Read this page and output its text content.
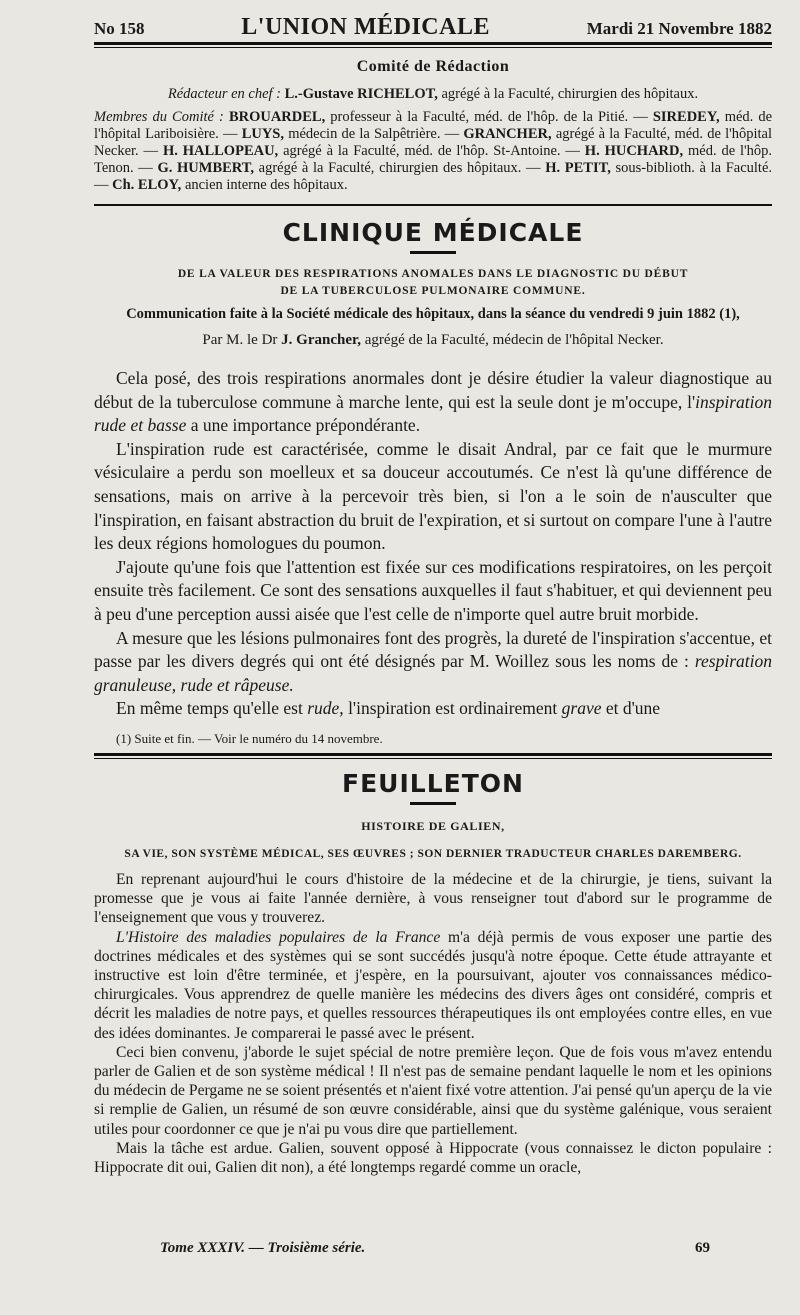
No 158	L'UNION MÉDICALE	Mardi 21 Novembre 1882
Comité de Rédaction
Rédacteur en chef : L.-Gustave RICHELOT, agrégé à la Faculté, chirurgien des hôpitaux.
Membres du Comité : BROUARDEL, professeur à la Faculté, méd. de l'hôp. de la Pitié. — SIREDEY, méd. de l'hôpital Lariboisière. — LUYS, médecin de la Salpêtrière. — GRANCHER, agrégé à la Faculté, méd. de l'hôpital Necker. — H. HALLOPEAU, agrégé à la Faculté, méd. de l'hôp. St-Antoine. — H. HUCHARD, méd. de l'hôp. Tenon. — G. HUMBERT, agrégé à la Faculté, chirurgien des hôpitaux. — H. PETIT, sous-biblioth. à la Faculté. — Ch. ELOY, ancien interne des hôpitaux.
CLINIQUE MÉDICALE
DE LA VALEUR DES RESPIRATIONS ANOMALES DANS LE DIAGNOSTIC DU DÉBUT
DE LA TUBERCULOSE PULMONAIRE COMMUNE.
Communication faite à la Société médicale des hôpitaux, dans la séance du vendredi 9 juin 1882 (1),
Par M. le Dr J. Grancher, agrégé de la Faculté, médecin de l'hôpital Necker.

Cela posé, des trois respirations anormales dont je désire étudier la valeur diagnostique au début de la tuberculose commune à marche lente, qui est la seule dont je m'occupe, l'inspiration rude et basse a une importance prépondérante.

L'inspiration rude est caractérisée, comme le disait Andral, par ce fait que le murmure vésiculaire a perdu son moelleux et sa douceur accoutumés. Ce n'est là qu'une différence de sensations, mais on arrive à la percevoir très bien, si l'on a le soin de n'ausculter que l'inspiration, en faisant abstraction du bruit de l'expiration, et si surtout on compare l'une à l'autre les deux régions homologues du poumon.

J'ajoute qu'une fois que l'attention est fixée sur ces modifications respiratoires, on les perçoit ensuite très facilement. Ce sont des sensations auxquelles il faut s'habituer, et qui deviennent peu à peu d'une perception aussi aisée que l'est celle de n'importe quel autre bruit morbide.

A mesure que les lésions pulmonaires font des progrès, la dureté de l'inspiration s'accentue, et passe par les divers degrés qui ont été désignés par M. Woillez sous les noms de : respiration granuleuse, rude et râpeuse.

En même temps qu'elle est rude, l'inspiration est ordinairement grave et d'une

(1) Suite et fin. — Voir le numéro du 14 novembre.
FEUILLETON
HISTOIRE DE GALIEN,
SA VIE, SON SYSTÈME MÉDICAL, SES ŒUVRES ; SON DERNIER TRADUCTEUR CHARLES DAREMBERG.

En reprenant aujourd'hui le cours d'histoire de la médecine et de la chirurgie, je tiens, suivant la promesse que je vous ai faite l'année dernière, à vous renseigner tout d'abord sur le programme de l'enseignement que vous y trouverez.

L'Histoire des maladies populaires de la France m'a déjà permis de vous exposer une partie des doctrines médicales et des systèmes qui se sont succédés jusqu'à notre époque. Cette étude attrayante et instructive est loin d'être terminée, et j'espère, en la poursuivant, ajouter vos connaissances médico-chirurgicales. Vous apprendrez de quelle manière les médecins des divers âges ont considéré, compris et décrit les maladies de notre pays, et quelles ressources thérapeutiques ils ont employées contre elles, en vue des idées dominantes. Je comparerai le passé avec le présent.

Ceci bien convenu, j'aborde le sujet spécial de notre première leçon. Que de fois vous m'avez entendu parler de Galien et de son système médical ! Il n'est pas de semaine pendant laquelle le nom et les opinions du médecin de Pergame ne se soient présentés et n'aient fixé votre attention. J'ai pensé qu'un aperçu de la vie si remplie de Galien, un résumé de son œuvre considérable, ainsi que du système galénique, vous seraient utiles pour coordonner ce que je n'ai pu vous dire que partiellement.

Mais la tâche est ardue. Galien, souvent opposé à Hippocrate (vous connaissez le dicton populaire : Hippocrate dit oui, Galien dit non), a été longtemps regardé comme un oracle,

Tome XXXIV. — Troisième série.	69
